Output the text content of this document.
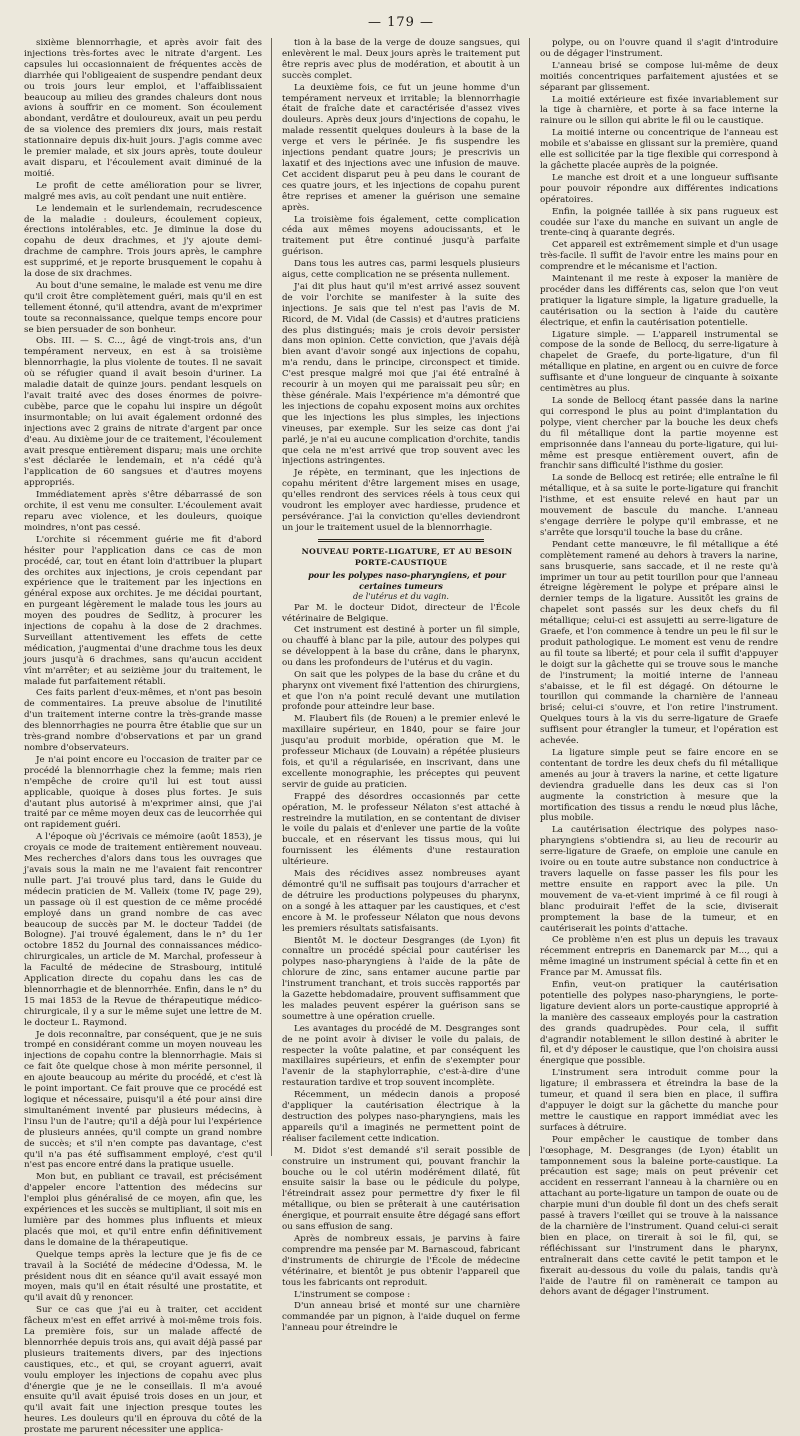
— 179 —

sixième blennorrhagie, et après avoir fait des injections très-fortes avec le nitrate d'argent. Les capsules lui occasionnaient de fréquentes accès de diarrhée qui l'obligeaient de suspendre pendant deux ou trois jours leur emploi, et l'affaiblissaient beaucoup au milieu des grandes chaleurs dont nous avions à souffrir en ce moment. Son écoulement abondant, verdâtre et douloureux, avait un peu perdu de sa violence des premiers dix jours, mais restait stationnaire depuis dix-huit jours. J'agis comme avec le premier malade, et six jours après, toute douleur avait disparu, et l'écoulement avait diminué de la moitié.

Le profit de cette amélioration pour se livrer, malgré mes avis, au coït pendant une nuit entière.

Le lendemain et le surlendemain, recrudescence de la maladie : douleurs, écoulement copieux, érections intolérables, etc. Je diminue la dose du copahu de deux drachmes, et j'y ajoute demi-drachme de camphre. Trois jours après, le camphre est supprimé, et je reporte brusquement le copahu à la dose de six drachmes.

Au bout d'une semaine, le malade est venu me dire qu'il croit être complètement guéri, mais qu'il en est tellement étonné, qu'il attendra, avant de m'exprimer toute sa reconnaissance, quelque temps encore pour se bien persuader de son bonheur.

Obs. III. — S. C..., âgé de vingt-trois ans, d'un tempérament nerveux, en est à sa troisième blennorrhagie, la plus violente de toutes. Il ne savait où se réfugier quand il avait besoin d'uriner. La maladie datait de quinze jours. pendant lesquels on l'avait traité avec des doses énormes de poivre-cubèbe, parce que le copahu lui inspire un dégoût insurmontable; on lui avait également ordonné des injections avec 2 grains de nitrate d'argent par once d'eau. Au dixième jour de ce traitement, l'écoulement avait presque entièrement disparu; mais une orchite s'est déclarée le lendemain, et n'a cédé qu'à l'application de 60 sangsues et d'autres moyens appropriés.

Immédiatement après s'être débarrassé de son orchite, il est venu me consulter. L'écoulement avait reparu avec violence, et les douleurs, quoique moindres, n'ont pas cessé.

L'orchite si récemment guérie me fit d'abord hésiter pour l'application dans ce cas de mon procédé, car, tout en étant loin d'attribuer la plupart des orchites aux injections, je crois cependant par expérience que le traitement par les injections en général expose aux orchites. Je me décidai pourtant, en purgeant légèrement le malade tous les jours au moyen des poudres de Sedlitz, à procurer les injections de copahu à la dose de 2 drachmes. Surveillant attentivement les effets de cette médication, j'augmentai d'une drachme tous les deux jours jusqu'à 6 drachmes, sans qu'aucun accident vînt m'arrêter; et au seizième jour du traitement, le malade fut parfaitement rétabli.

Ces faits parlent d'eux-mêmes, et n'ont pas besoin de commentaires. La preuve absolue de l'inutilité d'un traitement interne contre la très-grande masse des blennorrhagies ne pourra être établie que sur un très-grand nombre d'observations et par un grand nombre d'observateurs.

Je n'ai point encore eu l'occasion de traiter par ce procédé la blennorrhagie chez la femme; mais rien n'empêche de croire qu'il lui est tout aussi applicable, quoique à doses plus fortes. Je suis d'autant plus autorisé à m'exprimer ainsi, que j'ai traité par ce même moyen deux cas de leucorrhée qui ont rapidement guéri.

A l'époque où j'écrivais ce mémoire (août 1853), je croyais ce mode de traitement entièrement nouveau. Mes recherches d'alors dans tous les ouvrages que j'avais sous la main ne me l'avaient fait rencontrer nulle part. J'ai trouvé plus tard, dans le Guide du médecin praticien de M. Valleix (tome IV, page 29), un passage où il est question de ce même procédé employé dans un grand nombre de cas avec beaucoup de succès par M. le docteur Taddei (de Bologne). J'ai trouvé également, dans le n° du 1er octobre 1852 du Journal des connaissances médico-chirurgicales, un article de M. Marchal, professeur à la Faculté de médecine de Strasbourg, intitulé Application directe du copahu dans les cas de blennorrhagie et de blennorrhée. Enfin, dans le n° du 15 mai 1853 de la Revue de thérapeutique médico-chirurgicale, il y a sur le même sujet une lettre de M. le docteur L. Raymond.

Je dois reconnaître, par conséquent, que je ne suis trompé en considérant comme un moyen nouveau les injections de copahu contre la blennorrhagie. Mais si ce fait ôte quelque chose à mon mérite personnel, il en ajoute beaucoup au mérite du procédé, et c'est là le point important. Ce fait prouve que ce procédé est logique et nécessaire, puisqu'il a été pour ainsi dire simultanément inventé par plusieurs médecins, à l'insu l'un de l'autre; qu'il a déjà pour lui l'expérience de plusieurs années, qu'il compte un grand nombre de succès; et s'il n'en compte pas davantage, c'est qu'il n'a pas été suffisamment employé, c'est qu'il n'est pas encore entré dans la pratique usuelle.

Mon but, en publiant ce travail, est précisément d'appeler encore l'attention des médecins sur l'emploi plus généralisé de ce moyen, afin que, les expériences et les succès se multipliant, il soit mis en lumière par des hommes plus influents et mieux placés que moi, et qu'il entre enfin définitivement dans le domaine de la thérapeutique.

Quelque temps après la lecture que je fis de ce travail à la Société de médecine d'Odessa, M. le président nous dit en séance qu'il avait essayé mon moyen, mais qu'il en était résulté une prostatite, et qu'il avait dû y renoncer.

Sur ce cas que j'ai eu à traiter, cet accident fâcheux m'est en effet arrivé à moi-même trois fois. La première fois, sur un malade affecté de blennorrhée depuis trois ans, qui avait déjà passé par plusieurs traitements divers, par des injections caustiques, etc., et qui, se croyant aguerri, avait voulu employer les injections de copahu avec plus d'énergie que je ne le conseillais. Il m'a avoué ensuite qu'il avait épuisé trois doses en un jour, et qu'il avait fait une injection presque toutes les heures. Les douleurs qu'il en éprouva du côté de la prostate me parurent nécessiter une applica-

tion à la base de la verge de douze sangsues, qui enlevèrent le mal. Deux jours après le traitement put être repris avec plus de modération, et aboutit à un succès complet.

La deuxième fois, ce fut un jeune homme d'un tempérament nerveux et irritable; la blennorrhagie était de fraîche date et caractérisée d'assez vives douleurs. Après deux jours d'injections de copahu, le malade ressentit quelques douleurs à la base de la verge et vers le périnée. Je fis suspendre les injections pendant quatre jours; je prescrivis un laxatif et des injections avec une infusion de mauve. Cet accident disparut peu à peu dans le courant de ces quatre jours, et les injections de copahu purent être reprises et amener la guérison une semaine après.

La troisième fois également, cette complication céda aux mêmes moyens adoucissants, et le traitement put être continué jusqu'à parfaite guérison.

Dans tous les autres cas, parmi lesquels plusieurs aigus, cette complication ne se présenta nullement.

J'ai dit plus haut qu'il m'est arrivé assez souvent de voir l'orchite se manifester à la suite des injections. Je sais que tel n'est pas l'avis de M. Ricord, de M. Vidal (de Cassis) et d'autres praticiens des plus distingués; mais je crois devoir persister dans mon opinion. Cette conviction, que j'avais déjà bien avant d'avoir songé aux injections de copahu, m'a rendu, dans le principe, circonspect et timide. C'est presque malgré moi que j'ai été entraîné à recourir à un moyen qui me paraissait peu sûr; en thèse générale. Mais l'expérience m'a démontré que les injections de copahu exposent moins aux orchites que les injections les plus simples, les injections vineuses, par exemple. Sur les seize cas dont j'ai parlé, je n'ai eu aucune complication d'orchite, tandis que cela ne m'est arrivé que trop souvent avec les injections astringentes.

Je répète, en terminant, que les injections de copahu méritent d'être largement mises en usage, qu'elles rendront des services réels à tous ceux qui voudront les employer avec hardiesse, prudence et persévérance. J'ai la conviction qu'elles deviendront un jour le traitement usuel de la blennorrhagie.

NOUVEAU PORTE-LIGATURE, ET AU BESOIN PORTE-CAUSTIQUE

pour les polypes naso-pharyngiens, et pour certaines tumeurs
de l'utérus et du vagin.

Par M. le docteur Didot, directeur de l'École vétérinaire de Belgique.

Cet instrument est destiné à porter un fil simple, ou chauffé à blanc par la pile, autour des polypes qui se développent à la base du crâne, dans le pharynx, ou dans les profondeurs de l'utérus et du vagin.

On sait que les polypes de la base du crâne et du pharynx ont vivement fixé l'attention des chirurgiens, et que l'on n'a point reculé devant une mutilation profonde pour atteindre leur base.

M. Flaubert fils (de Rouen) a le premier enlevé le maxillaire supérieur, en 1840, pour se faire jour jusqu'au produit morbide, opération que M. le professeur Michaux (de Louvain) a répétée plusieurs fois, et qu'il a régularisée, en inscrivant, dans une excellente monographie, les préceptes qui peuvent servir de guide au praticien.

Frappé des désordres occasionnés par cette opération, M. le professeur Nélaton s'est attaché à restreindre la mutilation, en se contentant de diviser le voile du palais et d'enlever une partie de la voûte buccale, et en réservant les tissus mous, qui lui fournissent les éléments d'une restauration ultérieure.

Mais des récidives assez nombreuses ayant démontré qu'il ne suffisait pas toujours d'arracher et de détruire les productions polypeuses du pharynx, on a songé à les attaquer par les caustiques, et c'est encore à M. le professeur Nélaton que nous devons les premiers résultats satisfaisants.

Bientôt M. le docteur Desgranges (de Lyon) fit connaître un procédé spécial pour cautériser les polypes naso-pharyngiens à l'aide de la pâte de chlorure de zinc, sans entamer aucune partie par l'instrument tranchant, et trois succès rapportés par la Gazette hebdomadaire, prouvent suffisamment que les malades peuvent espérer la guérison sans se soumettre à une opération cruelle.

Les avantages du procédé de M. Desgranges sont de ne point avoir à diviser le voile du palais, de respecter la voûte palatine, et par conséquent les maxillaires supérieurs, et enfin de s'exempter pour l'avenir de la staphylorraphie, c'est-à-dire d'une restauration tardive et trop souvent incomplète.

Récemment, un médecin danois a proposé d'appliquer la cautérisation électrique à la destruction des polypes naso-pharyngiens, mais les appareils qu'il a imaginés ne permettent point de réaliser facilement cette indication.

M. Didot s'est demandé s'il serait possible de construire un instrument qui, pouvant franchir la bouche ou le col utérin modérément dilaté, fût ensuite saisir la base ou le pédicule du polype, l'étreindrait assez pour permettre d'y fixer le fil métallique, ou bien se prêterait à une cautérisation énergique, et pourrait ensuite être dégagé sans effort ou sans effusion de sang.

Après de nombreux essais, je parvins à faire comprendre ma pensée par M. Barnascoud, fabricant d'instruments de chirurgie de l'École de médecine vétérinaire, et bientôt je pus obtenir l'appareil que tous les fabricants ont reproduit.

L'instrument se compose :

D'un anneau brisé et monté sur une charnière commandée par un pignon, à l'aide duquel on ferme l'anneau pour étreindre le

polype, ou on l'ouvre quand il s'agit d'introduire ou de dégager l'instrument.

L'anneau brisé se compose lui-même de deux moitiés concentriques parfaitement ajustées et se séparant par glissement.

La moitié extérieure est fixée invariablement sur la tige à charnière, et porte à sa face interne la rainure ou le sillon qui abrite le fil ou le caustique.

La moitié interne ou concentrique de l'anneau est mobile et s'abaisse en glissant sur la première, quand elle est sollicitée par la tige flexible qui correspond à la gâchette placée auprès de la poignée.

Le manche est droit et a une longueur suffisante pour pouvoir répondre aux différentes indications opératoires.

Enfin, la poignée taillée à six pans rugueux est coudée sur l'axe du manche en suivant un angle de trente-cinq à quarante degrés.

Cet appareil est extrêmement simple et d'un usage très-facile. Il suffit de l'avoir entre les mains pour en comprendre et le mécanisme et l'action.

Maintenant il me reste à exposer la manière de procéder dans les différents cas, selon que l'on veut pratiquer la ligature simple, la ligature graduelle, la cautérisation ou la section à l'aide du cautère électrique, et enfin la cautérisation potentielle.

Ligature simple. — L'appareil instrumental se compose de la sonde de Bellocq, du serre-ligature à chapelet de Graefe, du porte-ligature, d'un fil métallique en platine, en argent ou en cuivre de force suffisante et d'une longueur de cinquante à soixante centimètres au plus.

La sonde de Bellocq étant passée dans la narine qui correspond le plus au point d'implantation du polype, vient chercher par la bouche les deux chefs du fil métallique dont la partie moyenne est emprisonnée dans l'anneau du porte-ligature, qui lui-même est presque entièrement ouvert, afin de franchir sans difficulté l'isthme du gosier.

La sonde de Bellocq est retirée; elle entraîne le fil métallique, et à sa suite le porte-ligature qui franchit l'isthme, et est ensuite relevé en haut par un mouvement de bascule du manche. L'anneau s'engage derrière le polype qu'il embrasse, et ne s'arrête que lorsqu'il touche la base du crâne.

Pendant cette manœuvre, le fil métallique a été complètement ramené au dehors à travers la narine, sans brusquerie, sans saccade, et il ne reste qu'à imprimer un tour au petit tourillon pour que l'anneau étreigne légèrement le polype et prépare ainsi le dernier temps de la ligature. Aussitôt les grains de chapelet sont passés sur les deux chefs du fil métallique; celui-ci est assujetti au serre-ligature de Graefe, et l'on commence à tendre un peu le fil sur le produit pathologique. Le moment est venu de rendre au fil toute sa liberté; et pour cela il suffit d'appuyer le doigt sur la gâchette qui se trouve sous le manche de l'instrument; la moitié interne de l'anneau s'abaisse, et le fil est dégagé. On détourne le tourillon qui commande la charnière de l'anneau brisé; celui-ci s'ouvre, et l'on retire l'instrument. Quelques tours à la vis du serre-ligature de Graefe suffisent pour étrangler la tumeur, et l'opération est achevée.

La ligature simple peut se faire encore en se contentant de tordre les deux chefs du fil métallique amenés au jour à travers la narine, et cette ligature deviendra graduelle dans les deux cas si l'on augmente la constriction à mesure que la mortification des tissus a rendu le nœud plus lâche, plus mobile.

La cautérisation électrique des polypes naso-pharyngiens s'obtiendra si, au lieu de recourir au serre-ligature de Graefe, on emploie une canule en ivoire ou en toute autre substance non conductrice à travers laquelle on fasse passer les fils pour les mettre ensuite en rapport avec la pile. Un mouvement de va-et-vient imprimé à ce fil rougi à blanc produirait l'effet de la scie, diviserait promptement la base de la tumeur, et en cautériserait les points d'attache.

Ce problème n'en est plus un depuis les travaux récemment entrepris en Danemarck par M..., qui a même imaginé un instrument spécial à cette fin et en France par M. Amussat fils.

Enfin, veut-on pratiquer la cautérisation potentielle des polypes naso-pharyngiens, le porte-ligature devient alors un porte-caustique approprié à la manière des casseaux employés pour la castration des grands quadrupèdes. Pour cela, il suffit d'agrandir notablement le sillon destiné à abriter le fil, et d'y déposer le caustique, que l'on choisira aussi énergique que possible.

L'instrument sera introduit comme pour la ligature; il embrassera et étreindra la base de la tumeur, et quand il sera bien en place, il suffira d'appuyer le doigt sur la gâchette du manche pour mettre le caustique en rapport immédiat avec les surfaces à détruire.

Pour empêcher le caustique de tomber dans l'œsophage, M. Desgranges (de Lyon) établit un tamponnement sous la baleine porte-caustique. La précaution est sage; mais on peut prévenir cet accident en resserrant l'anneau à la charnière ou en attachant au porte-ligature un tampon de ouate ou de charpie muni d'un double fil dont un des chefs serait passé à travers l'œillet qui se trouve à la naissance de la charnière de l'instrument. Quand celui-ci serait bien en place, on tirerait à soi le fil, qui, se réfléchissant sur l'instrument dans le pharynx, entraînerait dans cette cavité le petit tampon et le fixerait au-dessous du voile du palais, tandis qu'à l'aide de l'autre fil on ramènerait ce tampon au dehors avant de dégager l'instrument.
